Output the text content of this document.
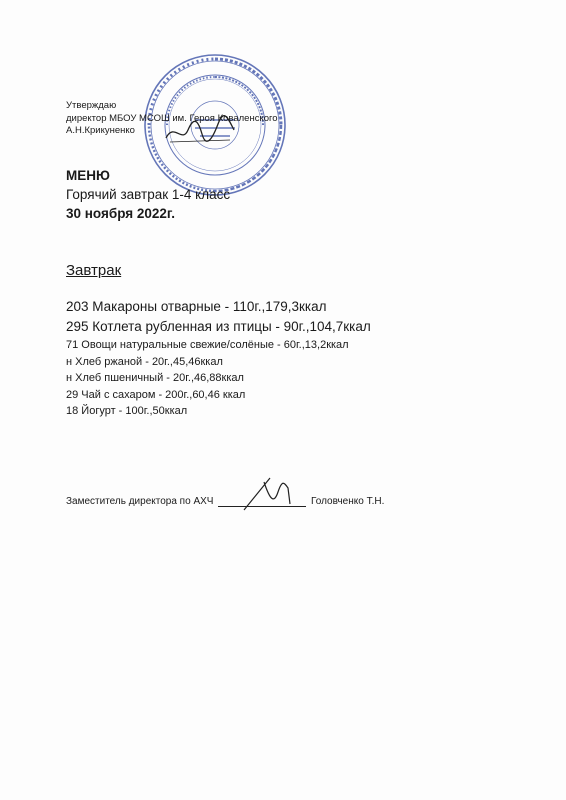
Утверждаю
директор МБОУ МСОШ им. Героя Коваленского
А.Н.Крикуненко
МЕНЮ
Горячий завтрак 1-4 класс
30 ноября 2022г.
Завтрак
203 Макароны отварные - 110г.,179,3ккал
295 Котлета рубленная из птицы - 90г.,104,7ккал
71 Овощи натуральные свежие/солёные - 60г.,13,2ккал
н Хлеб ржаной - 20г.,45,46ккал
н Хлеб пшеничный - 20г.,46,88ккал
29 Чай с сахаром - 200г.,60,46 ккал
18 Йогурт - 100г.,50ккал
Заместитель директора по АХЧ	Головченко Т.Н.
